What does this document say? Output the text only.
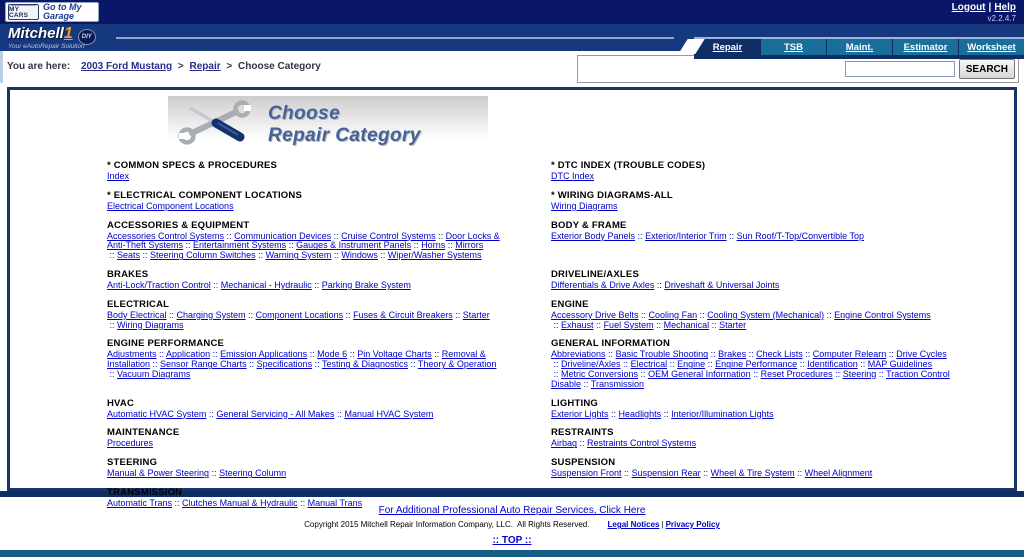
MY CARS
Go to My Garage
Logout | Help
v2.2.4.7
Mitchell 1	DIY
Your eAutoRepair Solution	Repair	TSB	Maint.	Estimator	Worksheet
You are here: 2003 Ford Mustang > Repair > Choose Category	SEARCH
Choose
Repair Category
* COMMON SPECS & PROCEDURES
Index
* DTC INDEX (TROUBLE CODES)
DTC Index
* ELECTRICAL COMPONENT LOCATIONS
Electrical Component Locations
* WIRING DIAGRAMS-ALL
Wiring Diagrams
ACCESSORIES & EQUIPMENT
Accessories Control Systems :: Communication Devices :: Cruise Control Systems :: Door Locks & Anti-Theft Systems :: Entertainment Systems :: Gauges & Instrument Panels :: Horns :: Mirrors :: Seats :: Steering Column Switches :: Warning System :: Windows :: Wiper/Washer Systems
BODY & FRAME
Exterior Body Panels :: Exterior/Interior Trim :: Sun Roof/T-Top/Convertible Top
BRAKES
Anti-Lock/Traction Control :: Mechanical - Hydraulic :: Parking Brake System
DRIVELINE/AXLES
Differentials & Drive Axles :: Driveshaft & Universal Joints
ELECTRICAL
Body Electrical :: Charging System :: Component Locations :: Fuses & Circuit Breakers :: Starter :: Wiring Diagrams
ENGINE
Accessory Drive Belts :: Cooling Fan :: Cooling System (Mechanical) :: Engine Control Systems :: Exhaust :: Fuel System :: Mechanical :: Starter
ENGINE PERFORMANCE
Adjustments :: Application :: Emission Applications :: Mode 6 :: Pin Voltage Charts :: Removal & Installation :: Sensor Range Charts :: Specifications :: Testing & Diagnostics :: Theory & Operation :: Vacuum Diagrams
GENERAL INFORMATION
Abbreviations :: Basic Trouble Shooting :: Brakes :: Check Lists :: Computer Relearn :: Drive Cycles :: Driveline/Axles :: Electrical :: Engine :: Engine Performance :: Identification :: MAP Guidelines :: Metric Conversions :: OEM General Information :: Reset Procedures :: Steering :: Traction Control Disable :: Transmission
HVAC
Automatic HVAC System :: General Servicing - All Makes :: Manual HVAC System
LIGHTING
Exterior Lights :: Headlights :: Interior/Illumination Lights
MAINTENANCE
Procedures
RESTRAINTS
Airbag :: Restraints Control Systems
STEERING
Manual & Power Steering :: Steering Column
SUSPENSION
Suspension Front :: Suspension Rear :: Wheel & Tire System :: Wheel Alignment
TRANSMISSION
Automatic Trans :: Clutches Manual & Hydraulic :: Manual Trans
For Additional Professional Auto Repair Services, Click Here
Copyright 2015 Mitchell Repair Information Company, LLC.  All Rights Reserved. Legal Notices | Privacy Policy
:: TOP ::
